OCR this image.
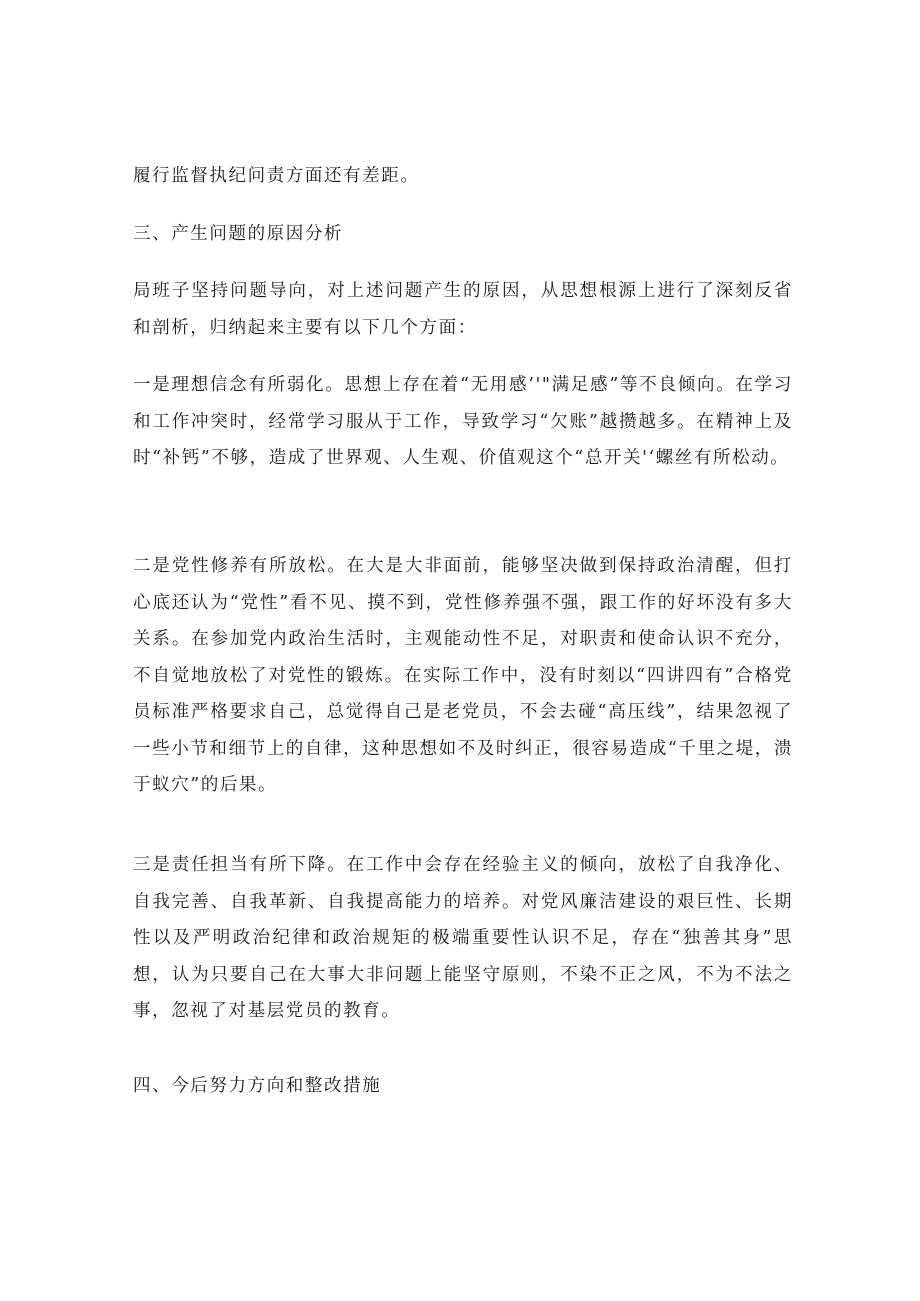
履行监督执纪问责方面还有差距。

三、产生问题的原因分析

局班子坚持问题导向，对上述问题产生的原因，从思想根源上进行了深刻反省和剖析，归纳起来主要有以下几个方面：

一是理想信念有所弱化。思想上存在着“无用感’'"满足感”等不良倾向。在学习和工作冲突时，经常学习服从于工作，导致学习“欠账”越攒越多。在精神上及时“补钙”不够，造成了世界观、人生观、价值观这个“总开关'‘螺丝有所松动。

二是党性修养有所放松。在大是大非面前，能够坚决做到保持政治清醒，但打心底还认为“党性”看不见、摸不到，党性修养强不强，跟工作的好坏没有多大关系。在参加党内政治生活时，主观能动性不足，对职责和使命认识不充分，不自觉地放松了对党性的锻炼。在实际工作中，没有时刻以“四讲四有”合格党员标准严格要求自己，总觉得自己是老党员，不会去碰“高压线”，结果忽视了一些小节和细节上的自律，这种思想如不及时纠正，很容易造成“千里之堤，溃于蚁穴”的后果。

三是责任担当有所下降。在工作中会存在经验主义的倾向，放松了自我净化、自我完善、自我革新、自我提高能力的培养。对党风廉洁建设的艰巨性、长期性以及严明政治纪律和政治规矩的极端重要性认识不足，存在“独善其身”思想，认为只要自己在大事大非问题上能坚守原则，不染不正之风，不为不法之事，忽视了对基层党员的教育。

四、今后努力方向和整改措施
